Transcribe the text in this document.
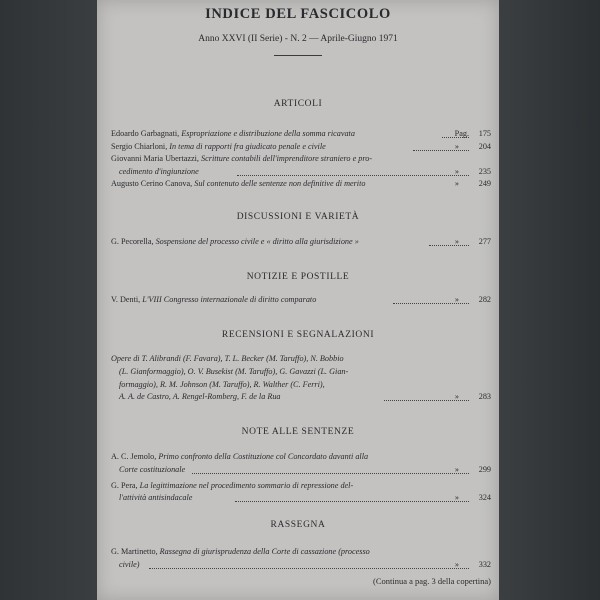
INDICE DEL FASCICOLO
Anno XXVI (II Serie) - N. 2 — Aprile-Giugno 1971
ARTICOLI
Edoardo Garbagnati, Espropriazione e distribuzione della somma ricavata	Pag. 175
Sergio Chiarloni, In tema di rapporti fra giudicato penale e civile	» 204
Giovanni Maria Ubertazzi, Scritture contabili dell'imprenditore straniero e pro-
cedimento d'ingiunzione	» 235
Augusto Cerino Canova, Sul contenuto delle sentenze non definitive di merito	» 249
DISCUSSIONI E VARIETÀ
G. Pecorella, Sospensione del processo civile e « diritto alla giurisdizione »	» 277
NOTIZIE E POSTILLE
V. Denti, L'VIII Congresso internazionale di diritto comparato	» 282
RECENSIONI E SEGNALAZIONI
Opere di T. Alibrandi (F. Favara), T. L. Becker (M. Taruffo), N. Bobbio
(L. Gianformaggio), O. V. Busekist (M. Taruffo), G. Gavazzi (L. Gian-
formaggio), R. M. Johnson (M. Taruffo), R. Walther (C. Ferri),
A. A. de Castro, A. Rengel-Romberg, F. de la Rua	» 283
NOTE ALLE SENTENZE
A. C. Jemolo, Primo confronto della Costituzione col Concordato davanti alla
Corte costituzionale	» 299
G. Pera, La legittimazione nel procedimento sommario di repressione del-
l'attività antisindacale	» 324
RASSEGNA
G. Martinetto, Rassegna di giurisprudenza della Corte di cassazione (processo
civile)	» 332
(Continua a pag. 3 della copertina)
